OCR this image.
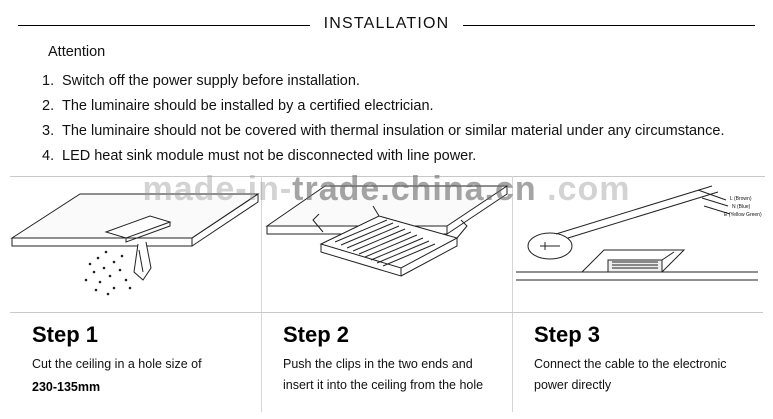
INSTALLATION
Attention
1. Switch off the power supply before installation.
2. The luminaire should be installed by a certified electrician.
3. The luminaire should not be covered with thermal insulation or similar material under any circumstance.
4. LED heat sink module must not be disconnected with line power.
Step 1
Cut the ceiling in a hole size of
230-135mm
Step 2
Push the clips in the two ends and insert it into the ceiling from the hole
L (Brown)
N (Blue)
E (Yellow Green)
Step 3
Connect the cable to the electronic power directly
made-in-trade.china.cn .com
